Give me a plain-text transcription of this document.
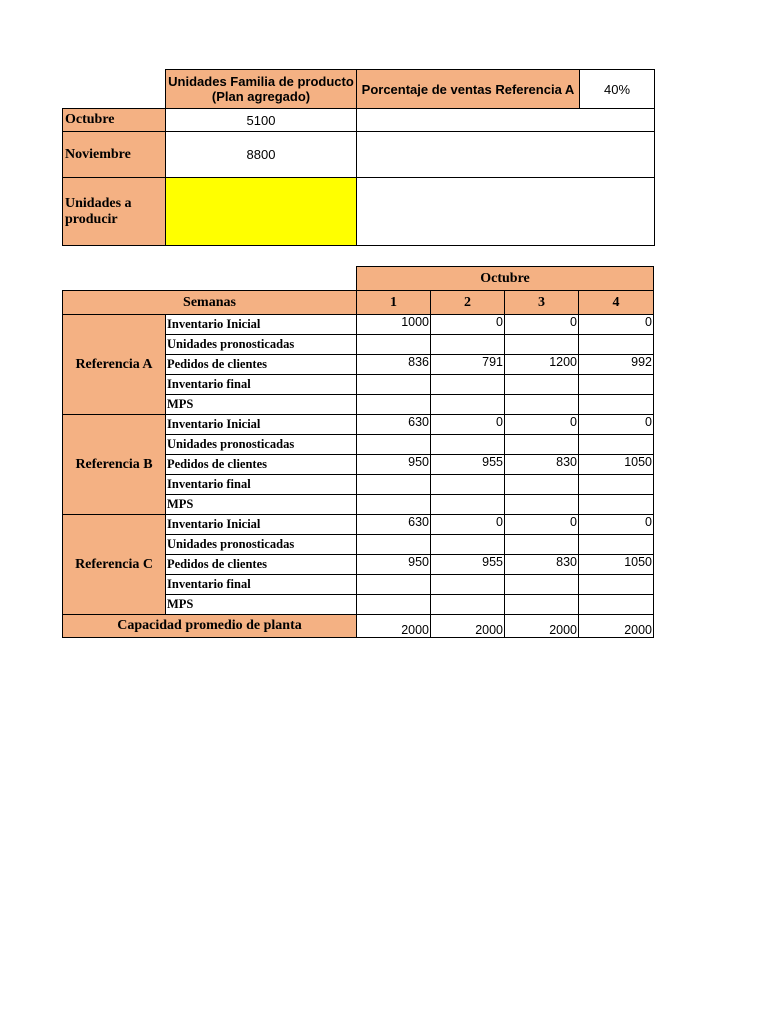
	Unidades Familia de producto (Plan agregado)	Porcentaje de ventas Referencia A	40%
Octubre	5100		
Noviembre	8800		
Unidades a producir			
		Octubre			
Semanas		1	2	3	4
Referencia A	Inventario Inicial	1000	0	0	0
	Unidades pronosticadas				
	Pedidos de clientes	836	791	1200	992
	Inventario final				
	MPS				
Referencia B	Inventario Inicial	630	0	0	0
	Unidades pronosticadas				
	Pedidos de clientes	950	955	830	1050
	Inventario final				
	MPS				
Referencia C	Inventario Inicial	630	0	0	0
	Unidades pronosticadas				
	Pedidos de clientes	950	955	830	1050
	Inventario final				
	MPS				
Capacidad promedio de planta		2000	2000	2000	2000
